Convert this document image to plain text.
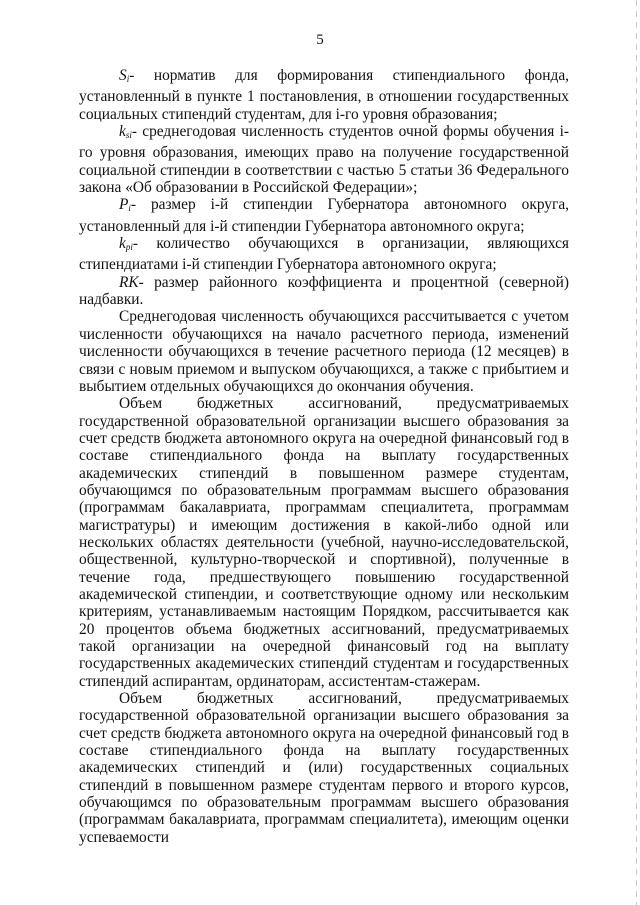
5

$S_i-$ норматив для формирования стипендиального фонда, установленный в пункте 1 постановления, в отношении государственных социальных стипендий студентам, для i-го уровня образования;

$k_{si}-$ среднегодовая численность студентов очной формы обучения i-го уровня образования, имеющих право на получение государственной социальной стипендии в соответствии с частью 5 статьи 36 Федерального закона «Об образовании в Российской Федерации»;

$P_i-$ размер i-й стипендии Губернатора автономного округа, установленный для i-й стипендии Губернатора автономного округа;

$k_{pi}-$ количество обучающихся в организации, являющихся стипендиатами i-й стипендии Губернатора автономного округа;

RK- размер районного коэффициента и процентной (северной) надбавки.

Среднегодовая численность обучающихся рассчитывается с учетом численности обучающихся на начало расчетного периода, изменений численности обучающихся в течение расчетного периода (12 месяцев) в связи с новым приемом и выпуском обучающихся, а также с прибытием и выбытием отдельных обучающихся до окончания обучения.

Объем бюджетных ассигнований, предусматриваемых государственной образовательной организации высшего образования за счет средств бюджета автономного округа на очередной финансовый год в составе стипендиального фонда на выплату государственных академических стипендий в повышенном размере студентам, обучающимся по образовательным программам высшего образования (программам бакалавриата, программам специалитета, программам магистратуры) и имеющим достижения в какой-либо одной или нескольких областях деятельности (учебной, научно-исследовательской, общественной, культурно-творческой и спортивной), полученные в течение года, предшествующего повышению государственной академической стипендии, и соответствующие одному или нескольким критериям, устанавливаемым настоящим Порядком, рассчитывается как 20 процентов объема бюджетных ассигнований, предусматриваемых такой организации на очередной финансовый год на выплату государственных академических стипендий студентам и государственных стипендий аспирантам, ординаторам, ассистентам-стажерам.

Объем бюджетных ассигнований, предусматриваемых государственной образовательной организации высшего образования за счет средств бюджета автономного округа на очередной финансовый год в составе стипендиального фонда на выплату государственных академических стипендий и (или) государственных социальных стипендий в повышенном размере студентам первого и второго курсов, обучающимся по образовательным программам высшего образования (программам бакалавриата, программам специалитета), имеющим оценки успеваемости
